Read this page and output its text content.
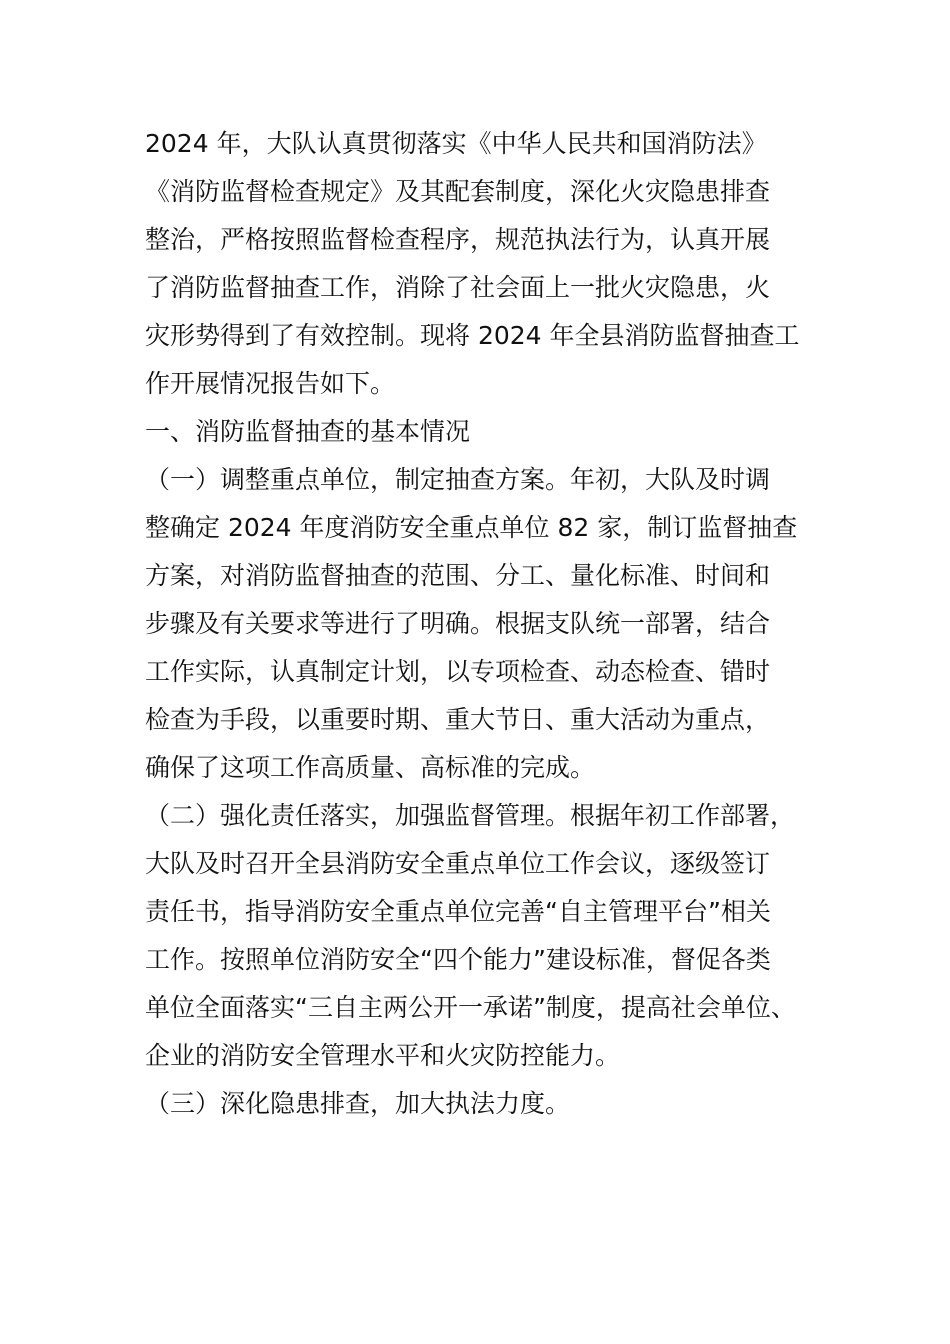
2024 年，大队认真贯彻落实《中华人民共和国消防法》
《消防监督检查规定》及其配套制度，深化火灾隐患排查
整治，严格按照监督检查程序，规范执法行为，认真开展
了消防监督抽查工作，消除了社会面上一批火灾隐患，火
灾形势得到了有效控制。现将 2024 年全县消防监督抽查工
作开展情况报告如下。
一、消防监督抽查的基本情况
（一）调整重点单位，制定抽查方案。年初，大队及时调
整确定 2024 年度消防安全重点单位 82 家，制订监督抽查
方案，对消防监督抽查的范围、分工、量化标准、时间和
步骤及有关要求等进行了明确。根据支队统一部署，结合
工作实际，认真制定计划，以专项检查、动态检查、错时
检查为手段，以重要时期、重大节日、重大活动为重点，
确保了这项工作高质量、高标准的完成。
（二）强化责任落实，加强监督管理。根据年初工作部署，
大队及时召开全县消防安全重点单位工作会议，逐级签订
责任书，指导消防安全重点单位完善“自主管理平台”相关
工作。按照单位消防安全“四个能力”建设标准，督促各类
单位全面落实“三自主两公开一承诺”制度，提高社会单位、
企业的消防安全管理水平和火灾防控能力。
（三）深化隐患排查，加大执法力度。
